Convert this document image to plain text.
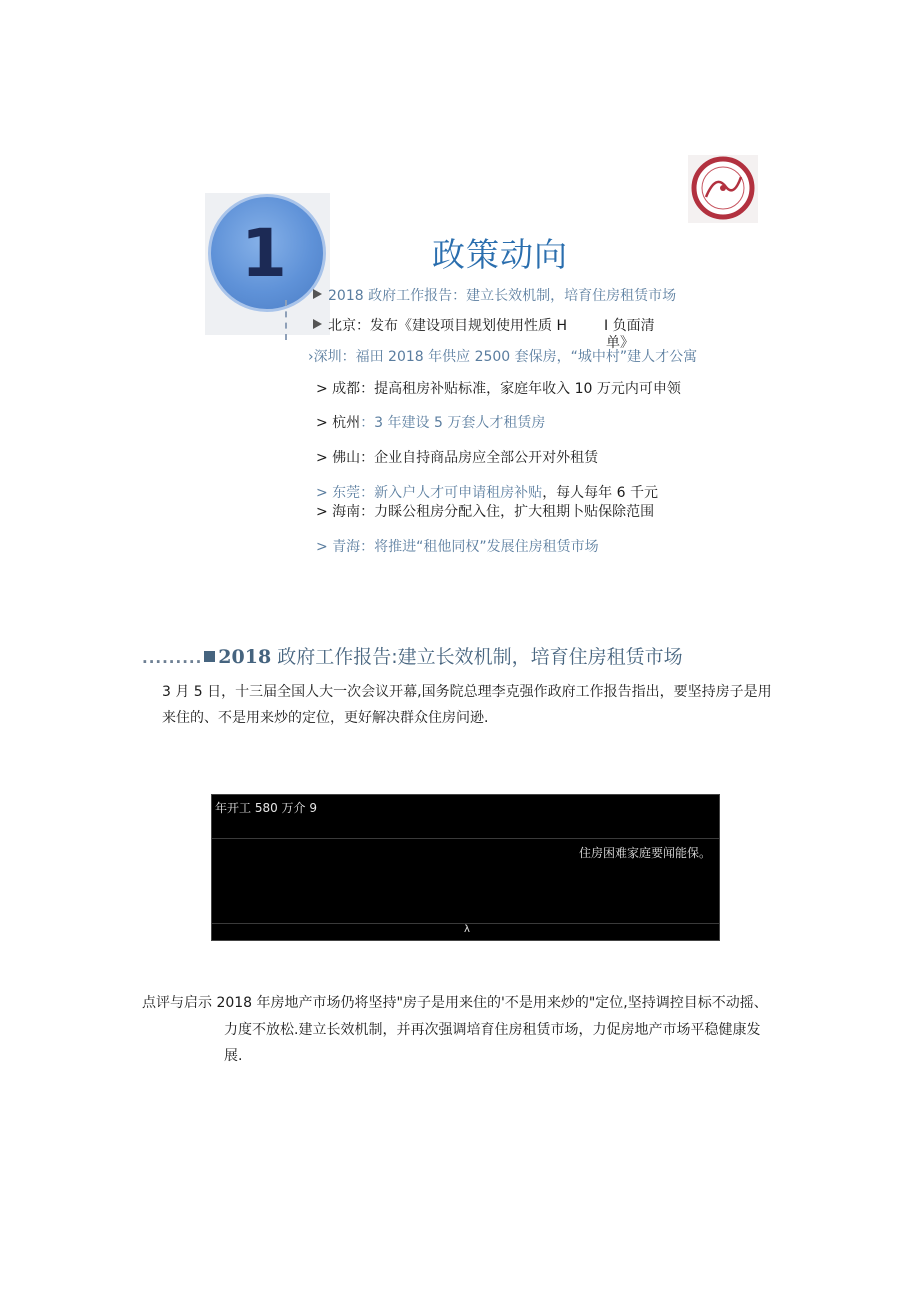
1	政策动向
2018 政府工作报告：建立长效机制，培育住房租赁市场
北京：发布《建设项目规划使用性质 H	I 负面清
单》
›深圳：福田 2018 年供应 2500 套保房，“城中村”建人才公寓
> 成都：提高租房补贴标准，家庭年收入 10 万元内可申领
> 杭州：3 年建设 5 万套人才租赁房
> 佛山：企业自持商品房应全部公开对外租赁
> 东莞：新入户人才可申请租房补贴，每人每年 6 千元
> 海南：力睬公租房分配入住，扩大租期卜贴保除范围
> 青海：将推进“租他同权”发展住房租赁市场
......... 2018 政府工作报告:建立长效机制，培育住房租赁市场
3 月 5 日，十三届全国人大一次会议开幕,国务院总理李克强作政府工作报告指出，要坚持房子是用
来住的、不是用来炒的定位，更好解决群众住房问逊.
年开工 580 万介 9
住房困难家庭要闻能保。
λ
点评与启示 2018 年房地产市场仍将坚持"房子是用来住的'不是用来炒的"定位,坚持调控目标不动摇、
力度不放松.建立长效机制，并再次强调培育住房租赁市场，力促房地产市场平稳健康发
展.
